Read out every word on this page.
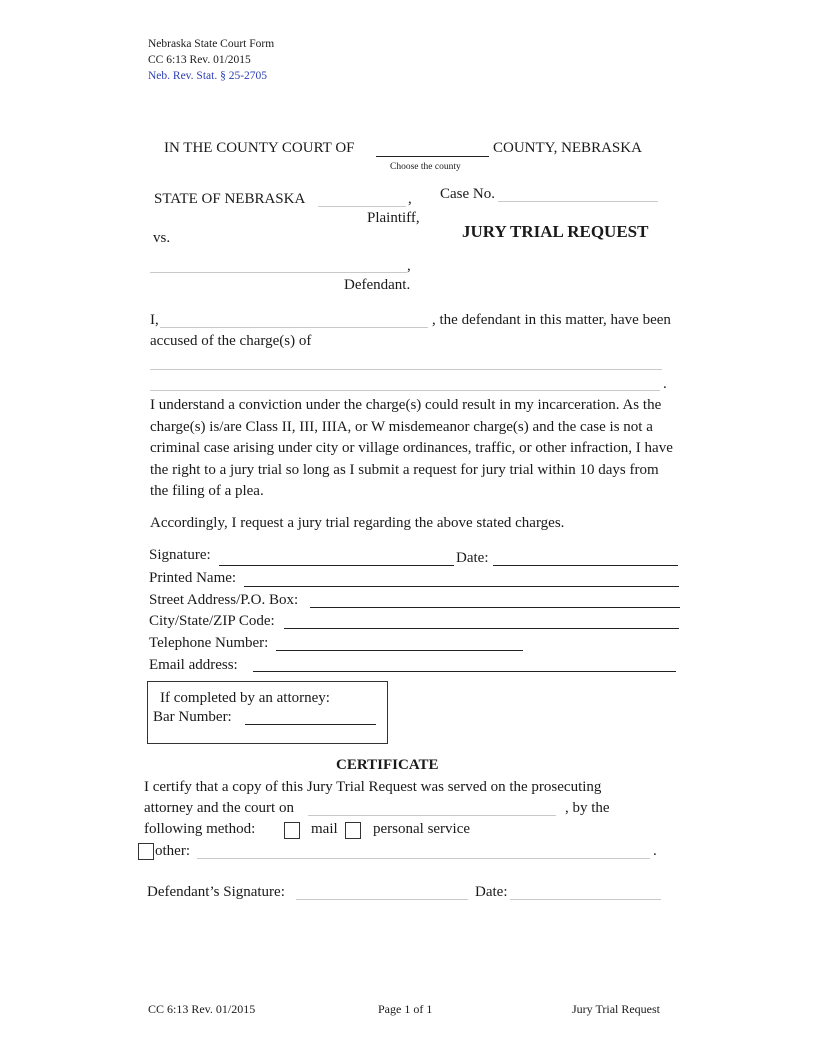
Nebraska State Court Form
CC 6:13 Rev. 01/2015
Neb. Rev. Stat. § 25-2705
IN THE COUNTY COURT OF	COUNTY, NEBRASKA
Choose the county
STATE OF NEBRASKA	,
Plaintiff,
vs.
Case No.
JURY TRIAL REQUEST
,
Defendant.
I,	, the defendant in this matter, have been
accused of the charge(s) of
.
I understand a conviction under the charge(s) could result in my incarceration. As the charge(s) is/are Class II, III, IIIA, or W misdemeanor charge(s) and the case is not a criminal case arising under city or village ordinances, traffic, or other infraction, I have the right to a jury trial so long as I submit a request for jury trial within 10 days from the filing of a plea.
Accordingly, I request a jury trial regarding the above stated charges.
Signature:	Date:
Printed Name:
Street Address/P.O. Box:
City/State/ZIP Code:
Telephone Number:
Email address:
If completed by an attorney:
Bar Number:
CERTIFICATE
I certify that a copy of this Jury Trial Request was served on the prosecuting
attorney and the court on	, by the
following method:	mail personal service
other:	.
Defendant’s Signature:	Date:
CC 6:13 Rev. 01/2015	Page 1 of 1	Jury Trial Request
